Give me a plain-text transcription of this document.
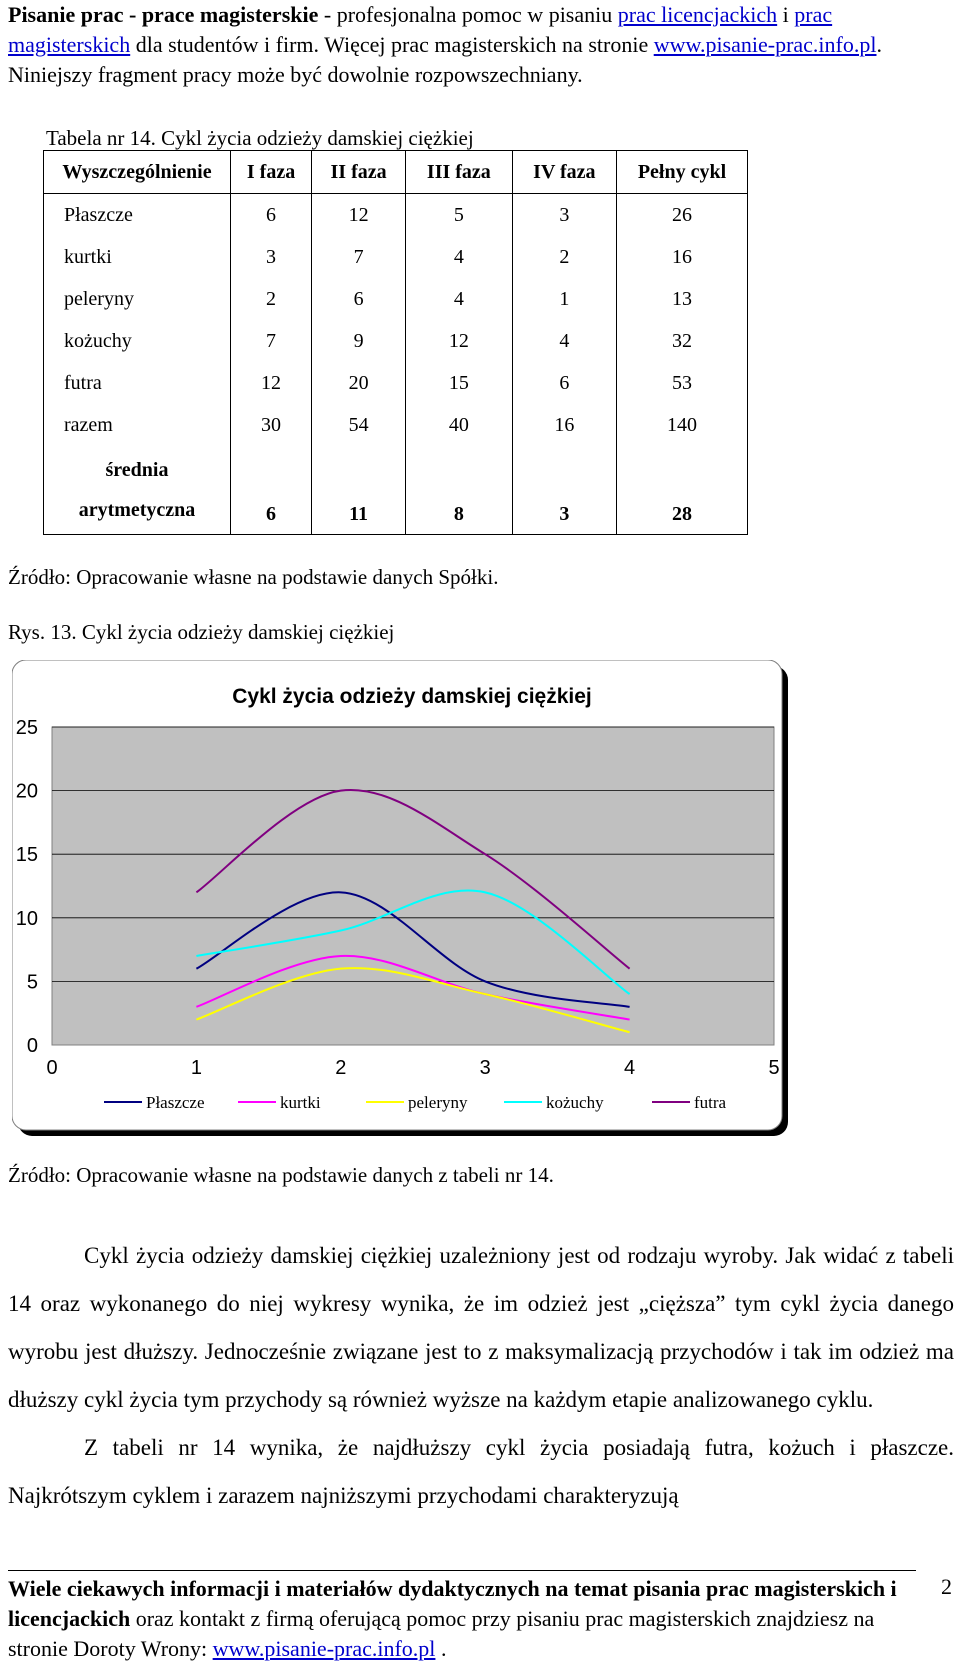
Pisanie prac - prace magisterskie - profesjonalna pomoc w pisaniu prac licencjackich i prac magisterskich dla studentów i firm. Więcej prac magisterskich na stronie www.pisanie-prac.info.pl. Niniejszy fragment pracy może być dowolnie rozpowszechniany.
Tabela nr 14. Cykl życia odzieży damskiej ciężkiej
Wyszczególnienie	I faza	II faza	III faza	IV faza	Pełny cykl
Płaszcze	6	12	5	3	26
kurtki	3	7	4	2	16
peleryny	2	6	4	1	13
kożuchy	7	9	12	4	32
futra	12	20	15	6	53
razem	30	54	40	16	140

średnia
arytmetyczna	6	11	8	3	28
Źródło: Opracowanie własne na podstawie danych Spółki.
Rys. 13. Cykl życia odzieży damskiej ciężkiej
Cykl życia odzieży damskiej ciężkiej
0
5
10
15
20
25
0	1	2	3	4	5
Płaszcze	kurtki	peleryny	kożuchy	futra
Źródło: Opracowanie własne na podstawie danych z tabeli nr 14.

Cykl życia odzieży damskiej ciężkiej uzależniony jest od rodzaju wyroby. Jak widać z tabeli 14 oraz wykonanego do niej wykresy wynika, że im odzież jest „cięższa” tym cykl życia danego wyrobu jest dłuższy. Jednocześnie związane jest to z maksymalizacją przychodów i tak im odzież ma dłuższy cykl życia tym przychody są również wyższe na każdym etapie analizowanego cyklu.

Z tabeli nr 14 wynika, że najdłuższy cykl życia posiadają futra, kożuch i płaszcze. Najkrótszym cyklem i zarazem najniższymi przychodami charakteryzują

Wiele ciekawych informacji i materiałów dydaktycznych na temat pisania prac magisterskich i licencjackich oraz kontakt z firmą oferującą pomoc przy pisaniu prac magisterskich znajdziesz na stronie Doroty Wrony: www.pisanie-prac.info.pl .
2
